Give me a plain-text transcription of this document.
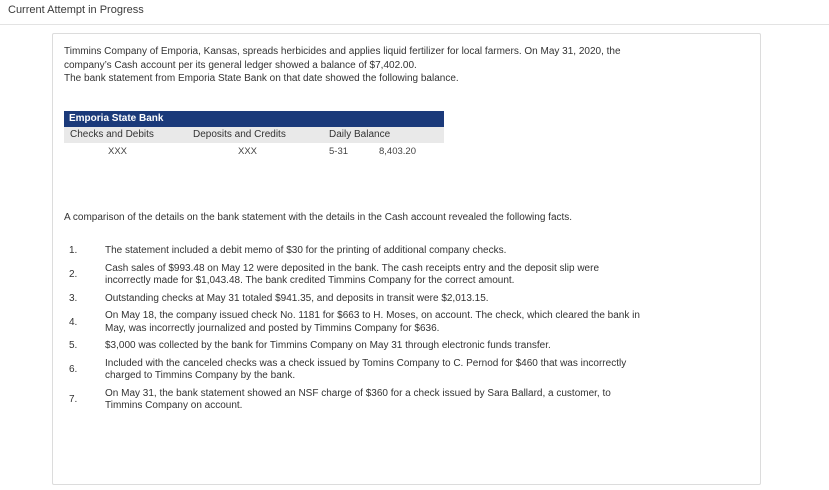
Current Attempt in Progress

Timmins Company of Emporia, Kansas, spreads herbicides and applies liquid fertilizer for local farmers. On May 31, 2020, the

company’s Cash account per its general ledger showed a balance of $7,402.00.

The bank statement from Emporia State Bank on that date showed the following balance.

Emporia State Bank
Checks and Debits	Deposits and Credits	Daily Balance
XXX	XXX	5-31	8,403.20
A comparison of the details on the bank statement with the details in the Cash account revealed the following facts.
1.	The statement included a debit memo of $30 for the printing of additional company checks.
2.
Cash sales of $993.48 on May 12 were deposited in the bank. The cash receipts entry and the deposit slip were
incorrectly made for $1,043.48. The bank credited Timmins Company for the correct amount.
3.	Outstanding checks at May 31 totaled $941.35, and deposits in transit were $2,013.15.
4.
On May 18, the company issued check No. 1181 for $663 to H. Moses, on account. The check, which cleared the bank in
May, was incorrectly journalized and posted by Timmins Company for $636.
5.	$3,000 was collected by the bank for Timmins Company on May 31 through electronic funds transfer.
6.
Included with the canceled checks was a check issued by Tomins Company to C. Pernod for $460 that was incorrectly
charged to Timmins Company by the bank.
7.
On May 31, the bank statement showed an NSF charge of $360 for a check issued by Sara Ballard, a customer, to
Timmins Company on account.
